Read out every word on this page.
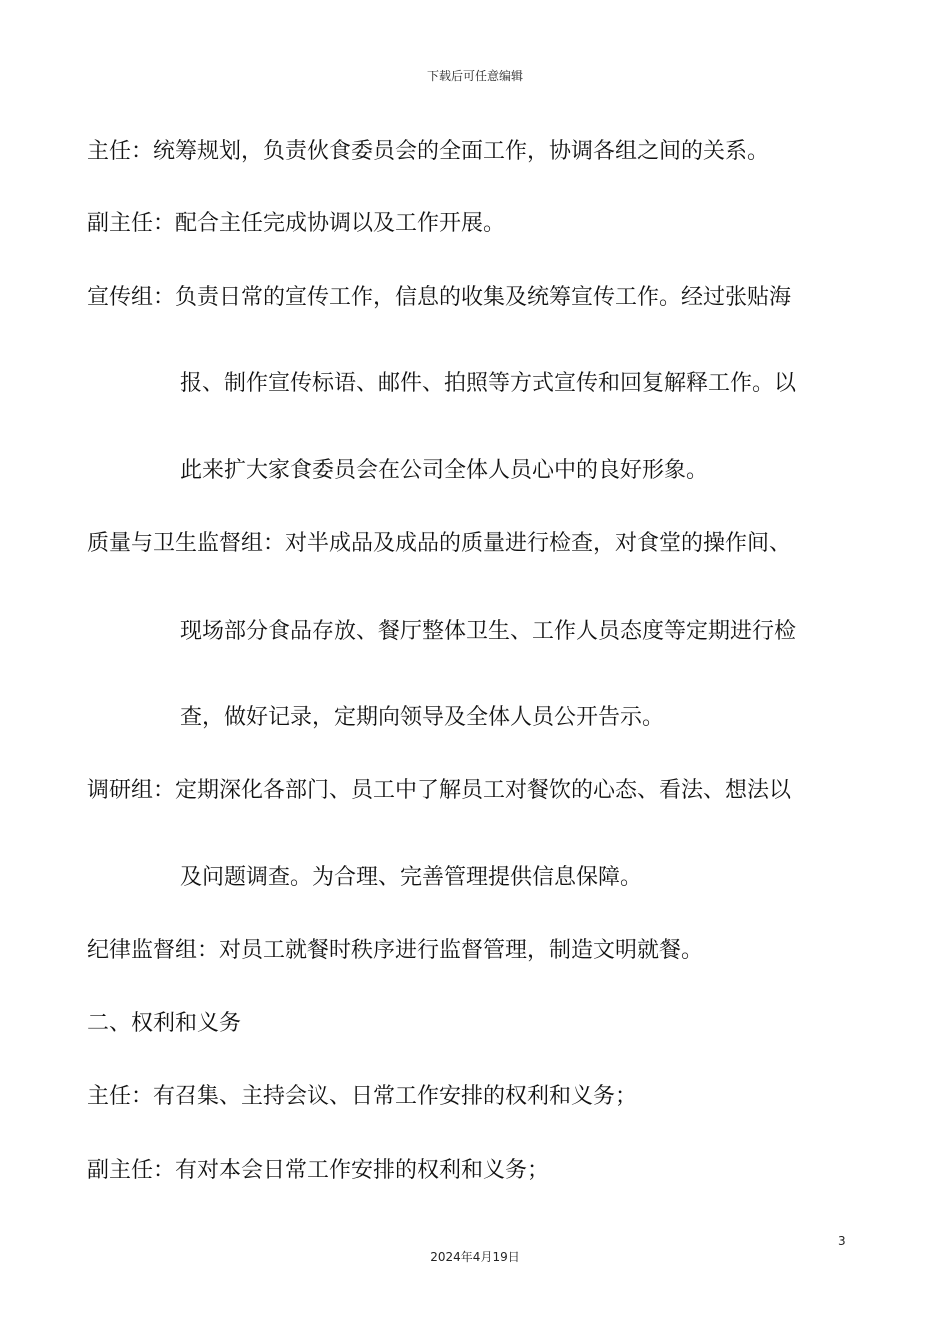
下载后可任意编辑
主任：统筹规划，负责伙食委员会的全面工作，协调各组之间的关系。
副主任：配合主任完成协调以及工作开展。
宣传组：负责日常的宣传工作，信息的收集及统筹宣传工作。经过张贴海
报、制作宣传标语、邮件、拍照等方式宣传和回复解释工作。以
此来扩大家食委员会在公司全体人员心中的良好形象。
质量与卫生监督组：对半成品及成品的质量进行检查，对食堂的操作间、
现场部分食品存放、餐厅整体卫生、工作人员态度等定期进行检
查，做好记录，定期向领导及全体人员公开告示。
调研组：定期深化各部门、员工中了解员工对餐饮的心态、看法、想法以
及问题调查。为合理、完善管理提供信息保障。
纪律监督组：对员工就餐时秩序进行监督管理，制造文明就餐。
二、权利和义务
主任：有召集、主持会议、日常工作安排的权利和义务；
副主任：有对本会日常工作安排的权利和义务；
3
2024年4月19日
